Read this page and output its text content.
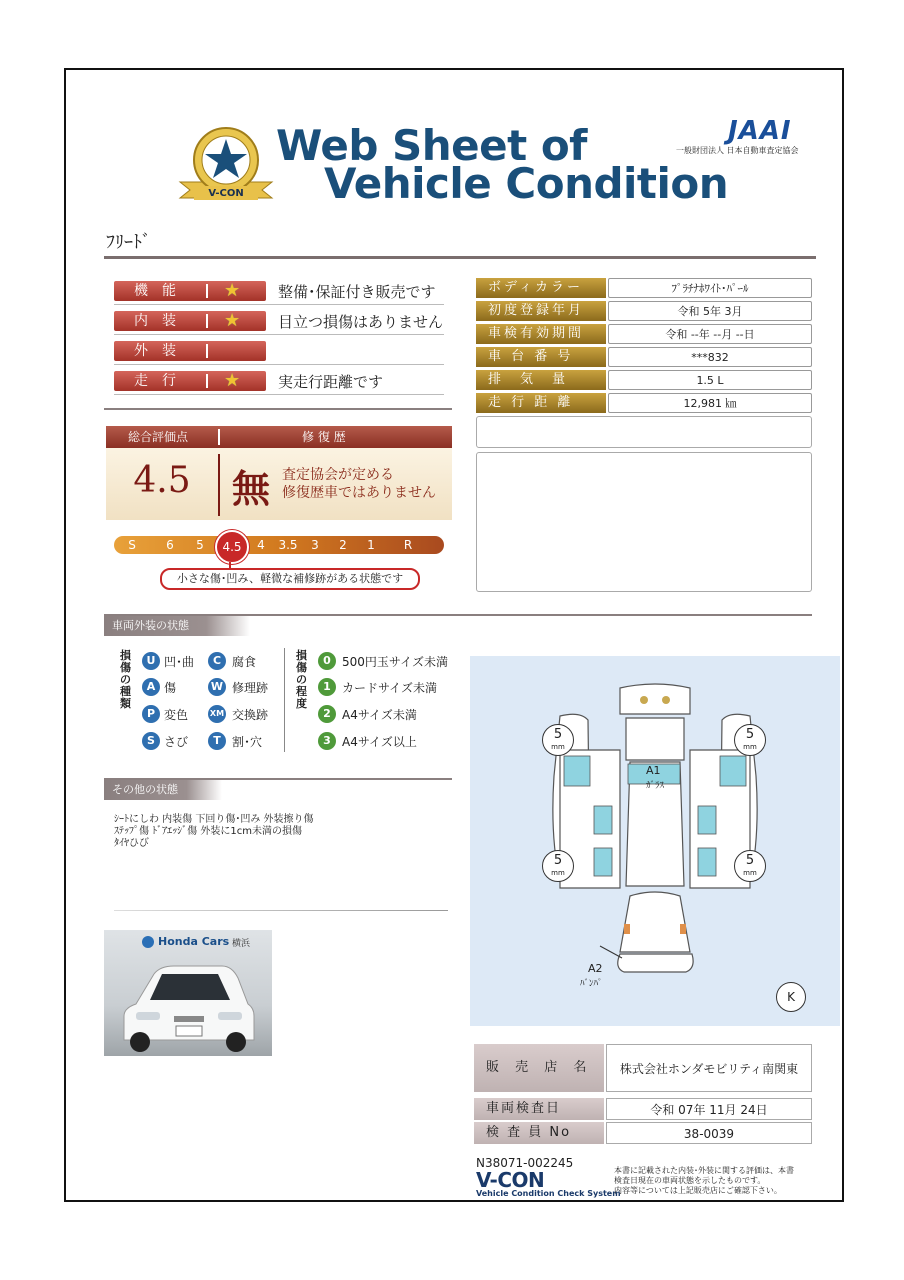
V-CON
Web Sheet of
Vehicle Condition
JAAI
一般財団法人 日本自動車査定協会
ﾌﾘｰﾄﾞ
機　能	★	整備･保証付き販売です
内　装	★	目立つ損傷はありません
外　装
走　行	★	実走行距離です
ボディカラー	ﾌﾟﾗﾁﾅﾎﾜｲﾄ･ﾊﾟｰﾙ
初度登録年月	令和 5年 3月
車検有効期間	令和 --年 --月 --日
車 台 番 号	***832
排　気　量	1.5 L
走 行 距 離	12,981 ㎞
総合評価点	修 復 歴
4.5	無 査定協会が定める
修復歴車ではありません
S	6	5	4	3.5	3	2	1	R
4.5
小さな傷･凹み、軽微な補修跡がある状態です
車両外装の状態
損傷の種類
U 凹･曲	C 腐食
A 傷	W 修理跡
P 変色	XM 交換跡
S さび	T 割･穴
損傷の程度
0 500円玉サイズ未満
1 カードサイズ未満
2 A4サイズ未満
3 A4サイズ以上
その他の状態
ｼｰﾄにしわ 内装傷 下回り傷･凹み 外装擦り傷
ｽﾃｯﾌﾟ傷 ﾄﾞｱｴｯｼﾞ傷 外装に1cm未満の損傷
ﾀｲﾔひび
Honda Cars 横浜
5
mm
5
mm
5
mm
5
mm
A1
ｶﾞﾗｽ
A2
ﾊﾞﾝﾊﾟ
K
販 売 店 名	株式会社ホンダモビリティ南関東
車両検査日	令和 07年 11月 24日
検 査 員 No	38-0039
N38071-002245
V-CON
Vehicle Condition Check System
本書に記載された内装･外装に関する評価は、本書
検査日現在の車両状態を示したものです。
内容等については上記販売店にご確認下さい。
